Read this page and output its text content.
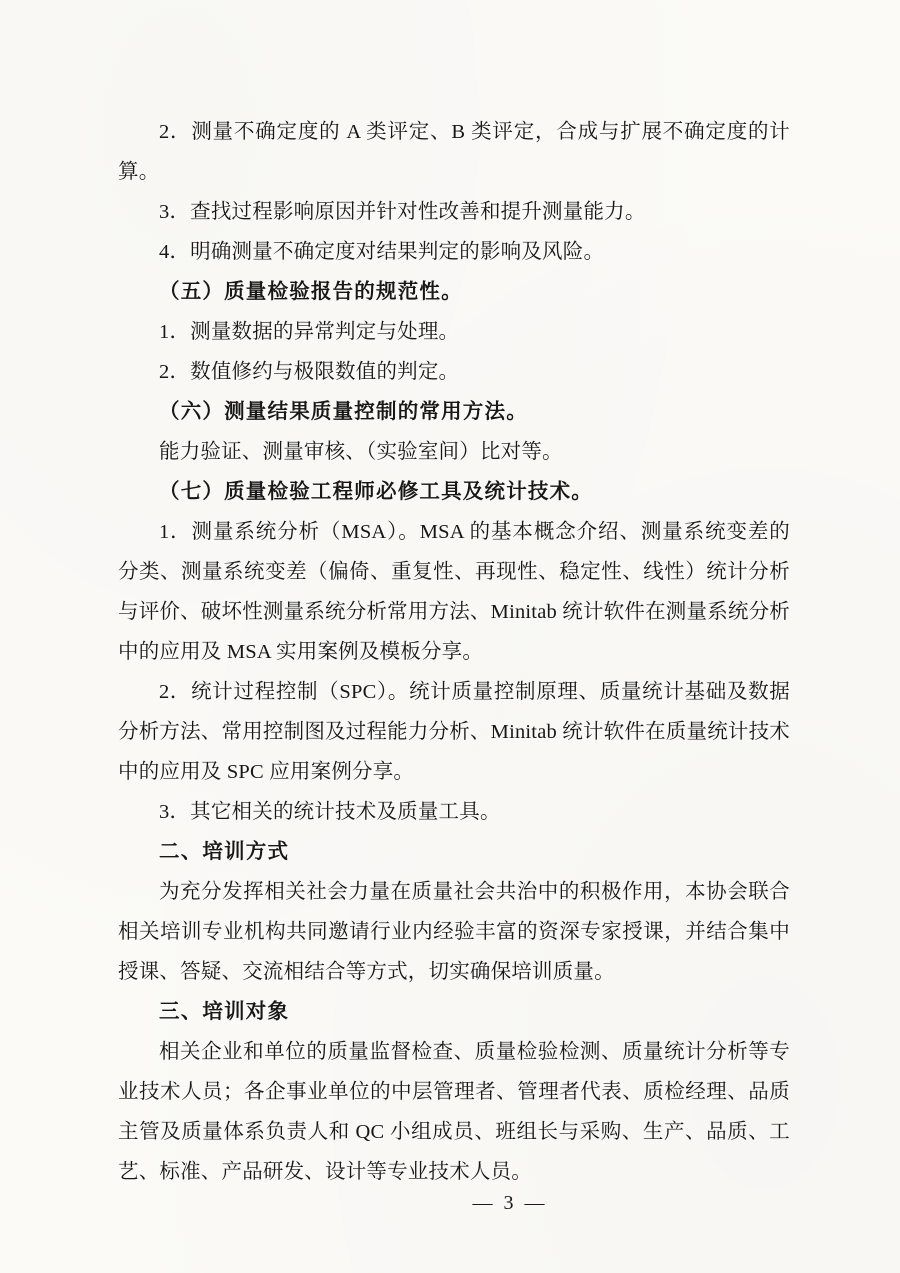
2．测量不确定度的 A 类评定、B 类评定，合成与扩展不确定度的计算。

3．查找过程影响原因并针对性改善和提升测量能力。

4．明确测量不确定度对结果判定的影响及风险。

（五）质量检验报告的规范性。

1．测量数据的异常判定与处理。

2．数值修约与极限数值的判定。

（六）测量结果质量控制的常用方法。

能力验证、测量审核、（实验室间）比对等。

（七）质量检验工程师必修工具及统计技术。

1．测量系统分析（MSA）。MSA 的基本概念介绍、测量系统变差的分类、测量系统变差（偏倚、重复性、再现性、稳定性、线性）统计分析与评价、破坏性测量系统分析常用方法、Minitab 统计软件在测量系统分析中的应用及 MSA 实用案例及模板分享。

2．统计过程控制（SPC）。统计质量控制原理、质量统计基础及数据分析方法、常用控制图及过程能力分析、Minitab 统计软件在质量统计技术中的应用及 SPC 应用案例分享。

3．其它相关的统计技术及质量工具。

二、培训方式

为充分发挥相关社会力量在质量社会共治中的积极作用，本协会联合相关培训专业机构共同邀请行业内经验丰富的资深专家授课，并结合集中授课、答疑、交流相结合等方式，切实确保培训质量。

三、培训对象

相关企业和单位的质量监督检查、质量检验检测、质量统计分析等专业技术人员；各企事业单位的中层管理者、管理者代表、质检经理、品质主管及质量体系负责人和 QC 小组成员、班组长与采购、生产、品质、工艺、标准、产品研发、设计等专业技术人员。

— 3 —
